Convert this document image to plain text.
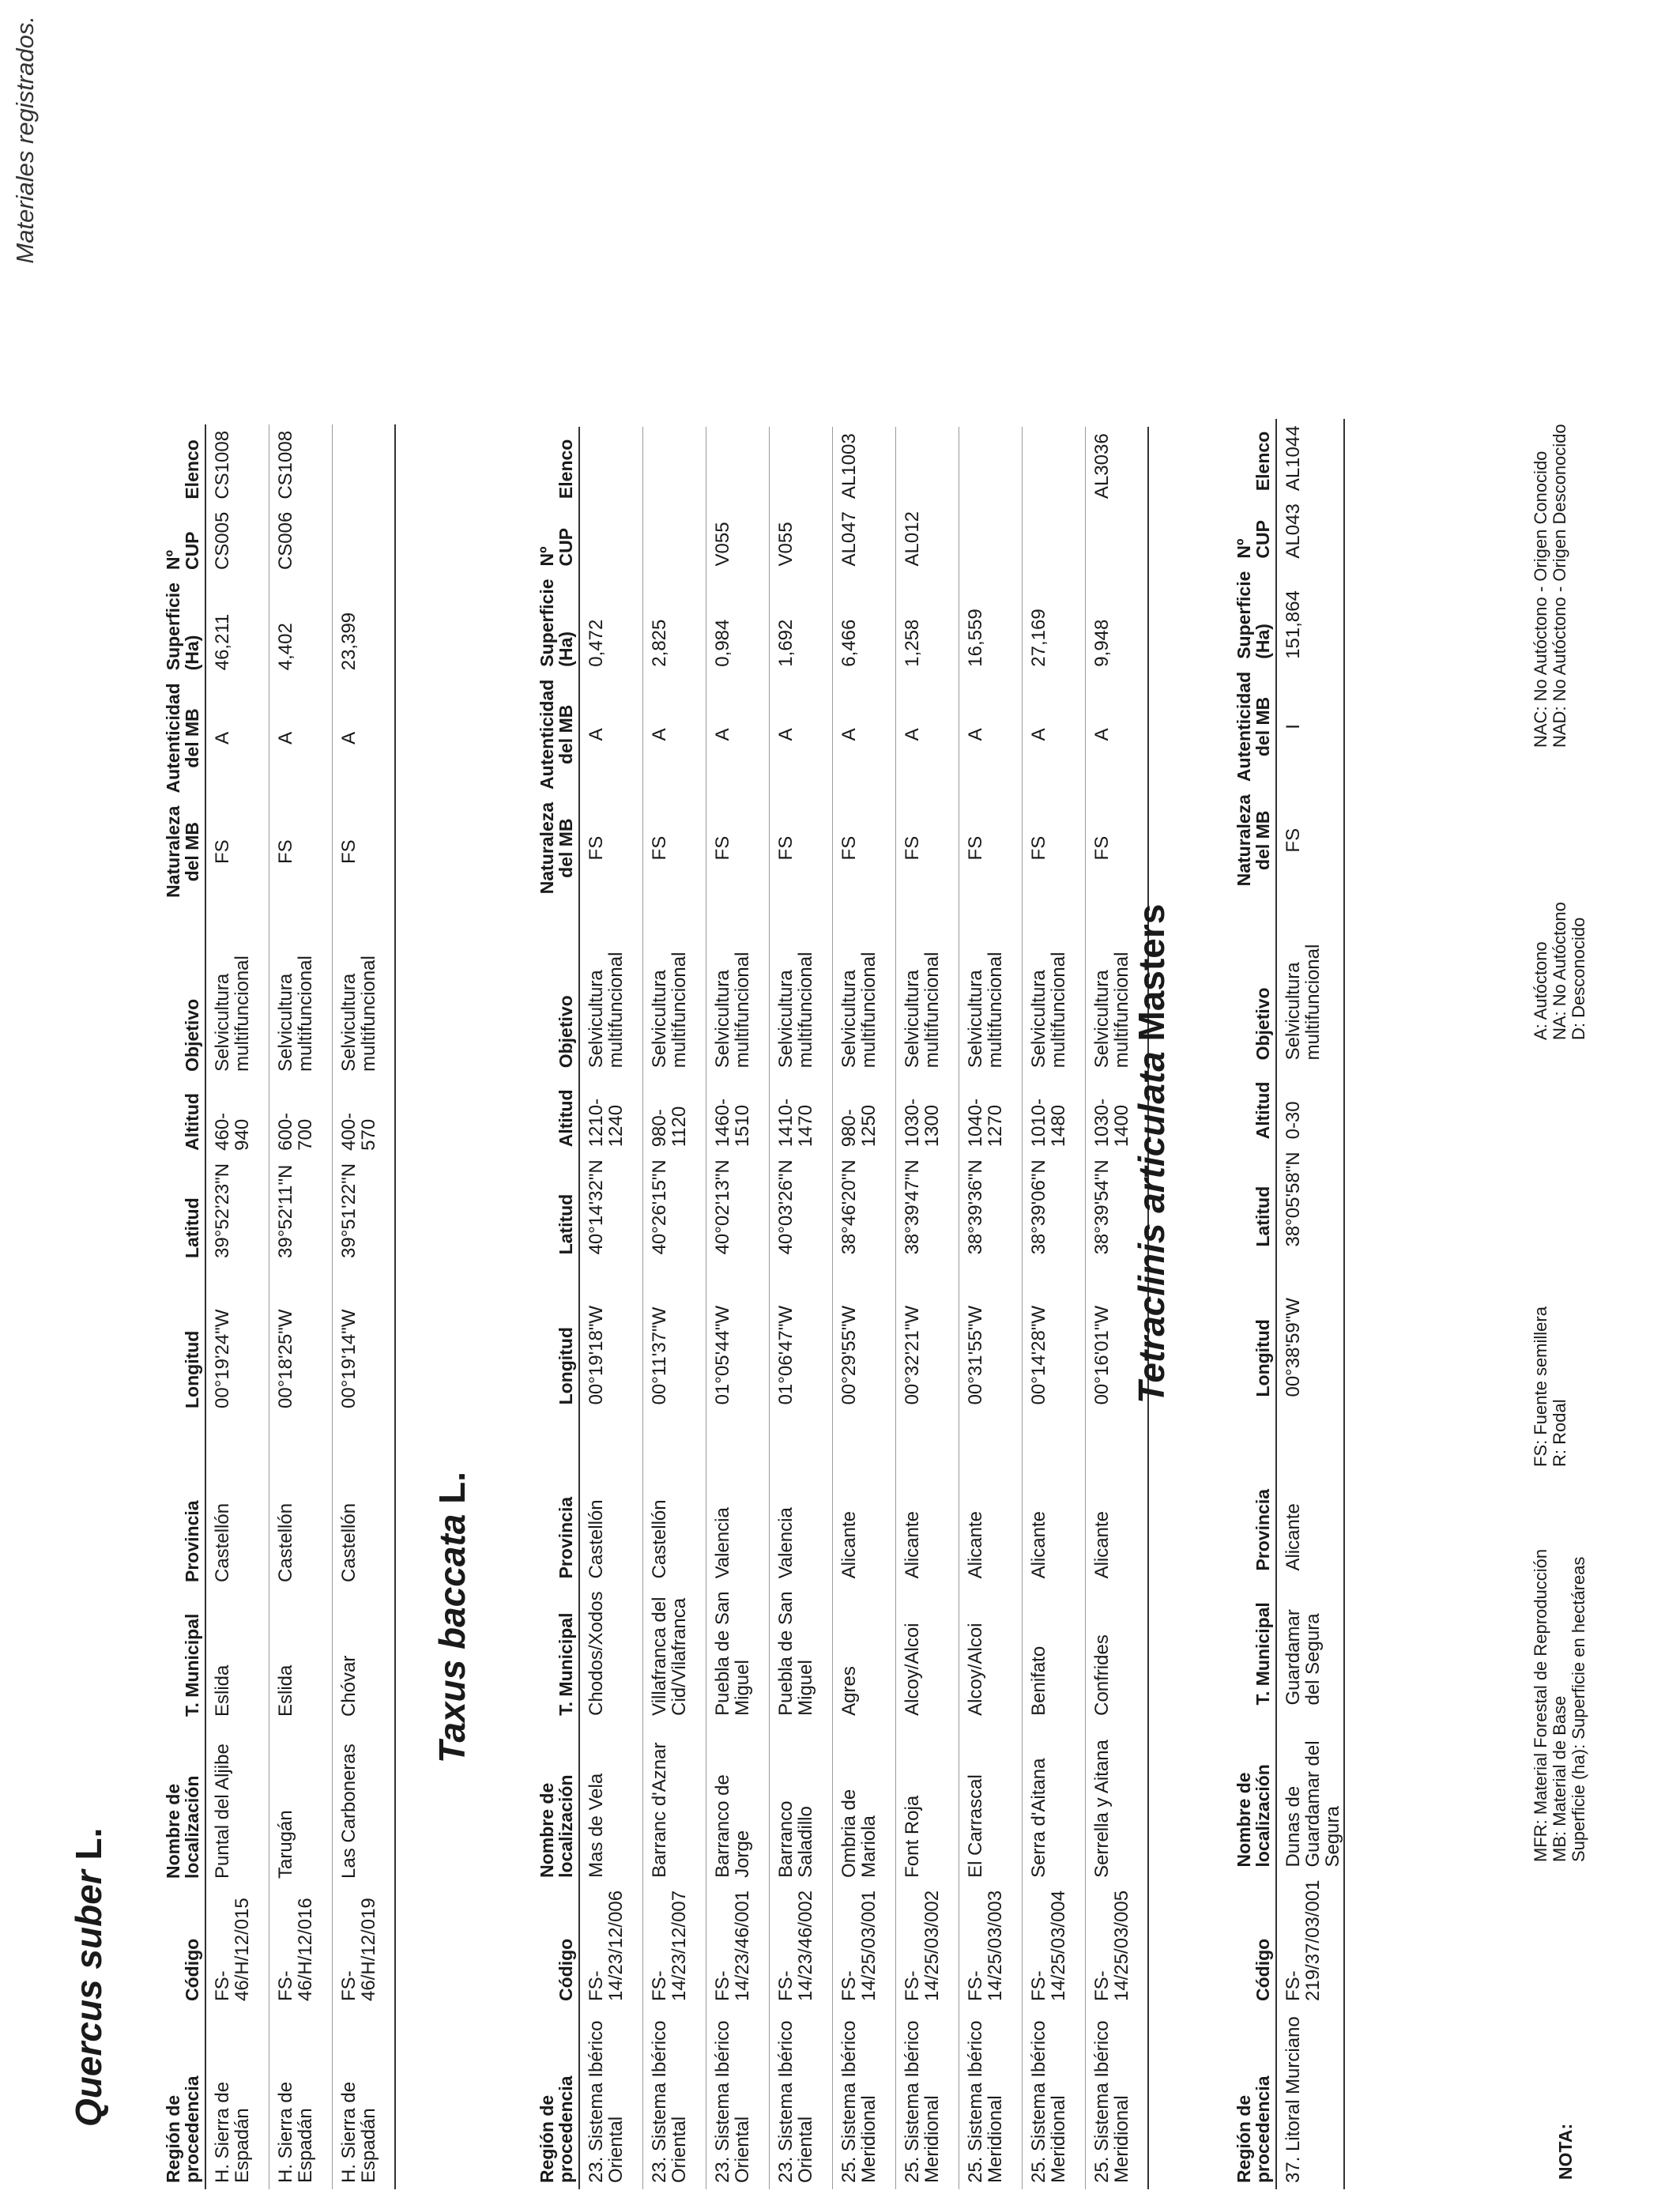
Materiales registrados.
Quercus suber L.
Región de procedencia	Código	Nombre de localización	T. Municipal	Provincia	Longitud	Latitud	Altitud	Objetivo	Naturaleza del MB	Autenticidad del MB	Superficie (Ha)	Nº CUP	Elenco
H. Sierra de Espadán	FS-46/H/12/015	Puntal del Aljibe	Eslida	Castellón	00°19'24"W	39°52'23"N	460-940	Selvicultura multifuncional	FS	A	46,211	CS005	CS1008
H. Sierra de Espadán	FS-46/H/12/016	Tarugán	Eslida	Castellón	00°18'25"W	39°52'11"N	600-700	Selvicultura multifuncional	FS	A	4,402	CS006	CS1008
H. Sierra de Espadán	FS-46/H/12/019	Las Carboneras	Chóvar	Castellón	00°19'14"W	39°51'22"N	400-570	Selvicultura multifuncional	FS	A	23,399		
Taxus baccata L.
Región de procedencia	Código	Nombre de localización	T. Municipal	Provincia	Longitud	Latitud	Altitud	Objetivo	Naturaleza del MB	Autenticidad del MB	Superficie (Ha)	Nº CUP	Elenco
23. Sistema Ibérico Oriental	FS-14/23/12/006	Mas de Vela	Chodos/Xodos	Castellón	00°19'18"W	40°14'32"N	1210-1240	Selvicultura multifuncional	FS	A	0,472		
23. Sistema Ibérico Oriental	FS-14/23/12/007	Barranc d'Aznar	Villafranca del Cid/Vilafranca	Castellón	00°11'37"W	40°26'15"N	980-1120	Selvicultura multifuncional	FS	A	2,825		
23. Sistema Ibérico Oriental	FS-14/23/46/001	Barranco de Jorge	Puebla de San Miguel	Valencia	01°05'44"W	40°02'13"N	1460-1510	Selvicultura multifuncional	FS	A	0,984	V055	
23. Sistema Ibérico Oriental	FS-14/23/46/002	Barranco Saladillo	Puebla de San Miguel	Valencia	01°06'47"W	40°03'26"N	1410-1470	Selvicultura multifuncional	FS	A	1,692	V055	
25. Sistema Ibérico Meridional	FS-14/25/03/001	Ombria de Mariola	Agres	Alicante	00°29'55"W	38°46'20"N	980-1250	Selvicultura multifuncional	FS	A	6,466	AL047	AL1003
25. Sistema Ibérico Meridional	FS-14/25/03/002	Font Roja	Alcoy/Alcoi	Alicante	00°32'21"W	38°39'47"N	1030-1300	Selvicultura multifuncional	FS	A	1,258	AL012	
25. Sistema Ibérico Meridional	FS-14/25/03/003	El Carrascal	Alcoy/Alcoi	Alicante	00°31'55"W	38°39'36"N	1040-1270	Selvicultura multifuncional	FS	A	16,559		
25. Sistema Ibérico Meridional	FS-14/25/03/004	Serra d'Aitana	Benifato	Alicante	00°14'28"W	38°39'06"N	1010-1480	Selvicultura multifuncional	FS	A	27,169		
25. Sistema Ibérico Meridional	FS-14/25/03/005	Serrella y Aitana	Confrides	Alicante	00°16'01"W	38°39'54"N	1030-1400	Selvicultura multifuncional	FS	A	9,948		AL3036
Tetraclinis articulata Masters
Región de procedencia	Código	Nombre de localización	T. Municipal	Provincia	Longitud	Latitud	Altitud	Objetivo	Naturaleza del MB	Autenticidad del MB	Superficie (Ha)	Nº CUP	Elenco
37. Litoral Murciano	FS-219/37/03/001	Dunas de Guardamar del Segura	Guardamar del Segura	Alicante	00°38'59"W	38°05'58"N	0-30	Selvicultura multifuncional	FS	I	151,864	AL043	AL1044
NOTA:
MFR: Material Forestal de Reproducción MB: Material de Base Superficie (ha): Superficie en hectáreas
FS: Fuente semillera R: Rodal
A: Autóctono NA: No Autóctono D: Desconocido
NAC: No Autóctono - Origen Conocido NAD: No Autóctono - Origen Desconocido
